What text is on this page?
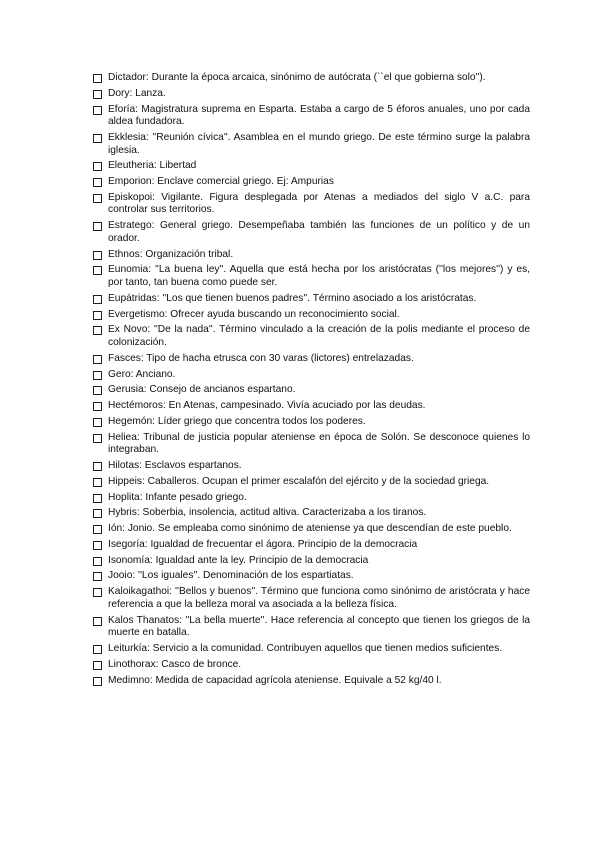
Dictador: Durante la época arcaica, sinónimo de autócrata (``el que gobierna solo'').
Dory: Lanza.
Eforía: Magistratura suprema en Esparta. Estaba a cargo de 5 éforos anuales, uno por cada aldea fundadora.
Ekklesia: ''Reunión cívica''. Asamblea en el mundo griego. De este término surge la palabra iglesia.
Eleutheria: Libertad
Emporion: Enclave comercial griego. Ej: Ampurias
Episkopoi: Vigilante. Figura desplegada por Atenas a mediados del siglo V a.C. para controlar sus territorios.
Estratego: General griego. Desempeñaba también las funciones de un político y de un orador.
Ethnos: Organización tribal.
Eunomia: ''La buena ley''. Aquella que está hecha por los aristócratas (''los mejores'') y es, por tanto, tan buena como puede ser.
Eupátridas: ''Los que tienen buenos padres''. Término asociado a los aristócratas.
Evergetismo: Ofrecer ayuda buscando un reconocimiento social.
Ex Novo: ''De la nada''. Término vinculado a la creación de la polis mediante el proceso de colonización.
Fasces: Tipo de hacha etrusca con 30 varas (lictores) entrelazadas.
Gero: Anciano.
Gerusia: Consejo de ancianos espartano.
Hectémoros: En Atenas, campesinado. Vivía acuciado por las deudas.
Hegemón: Líder griego que concentra todos los poderes.
Heliea: Tribunal de justicia popular ateniense en época de Solón. Se desconoce quienes lo integraban.
Hilotas: Esclavos espartanos.
Hippeis: Caballeros. Ocupan el primer escalafón del ejército y de la sociedad griega.
Hoplita: Infante pesado griego.
Hybris: Soberbia, insolencia, actitud altiva. Caracterizaba a los tiranos.
Ión: Jonio. Se empleaba como sinónimo de ateniense ya que descendían de este pueblo.
Isegoría: Igualdad de frecuentar el ágora. Principio de la democracia
Isonomía: Igualdad ante la ley. Principio de la democracia
Jooio: ''Los iguales''. Denominación de los espartiatas.
Kaloikagathoi: ''Bellos y buenos''. Término que funciona como sinónimo de aristócrata y hace referencia a que la belleza moral va asociada a la belleza física.
Kalos Thanatos: ''La bella muerte''. Hace referencia al concepto que tienen los griegos de la muerte en batalla.
Leiturkía: Servicio a la comunidad. Contribuyen aquellos que tienen medios suficientes.
Linothorax: Casco de bronce.
Medimno: Medida de capacidad agrícola ateniense. Equivale a 52 kg/40 l.
